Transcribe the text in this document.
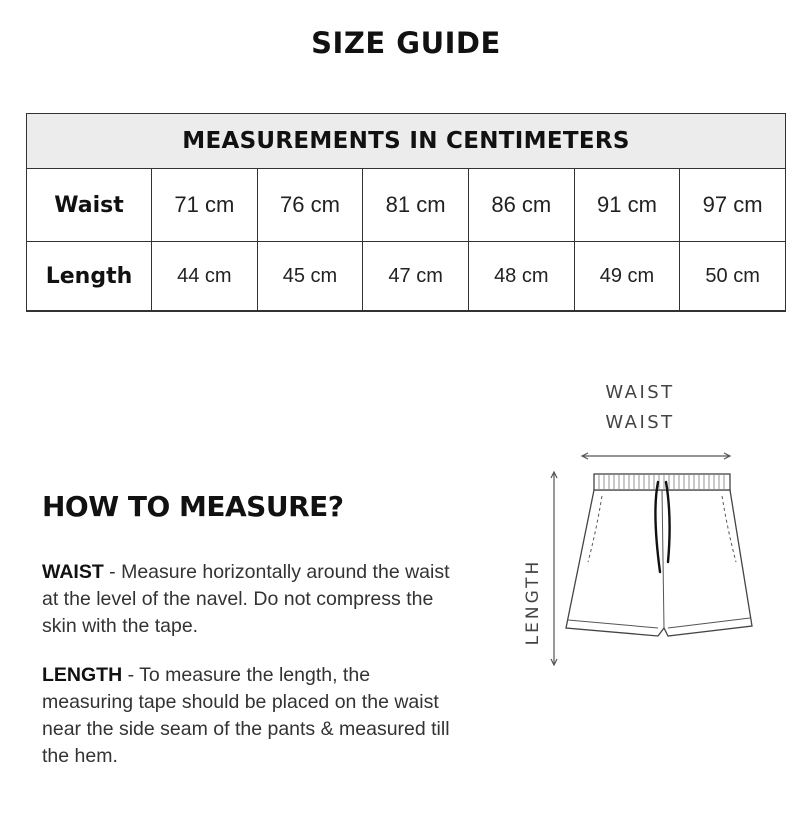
SIZE GUIDE
MEASUREMENTS IN CENTIMETERS						
Waist	71 cm	76 cm	81 cm	86 cm	91 cm	97 cm
Length	44 cm	45 cm	47 cm	48 cm	49 cm	50 cm
HOW TO MEASURE?

WAIST - Measure horizontally around the waist at the level of the navel. Do not compress the skin with the tape.

LENGTH - To measure the length, the measuring tape should be placed on the waist near the side seam of the pants & measured till the hem.

WAIST
WAIST
LENGTH
